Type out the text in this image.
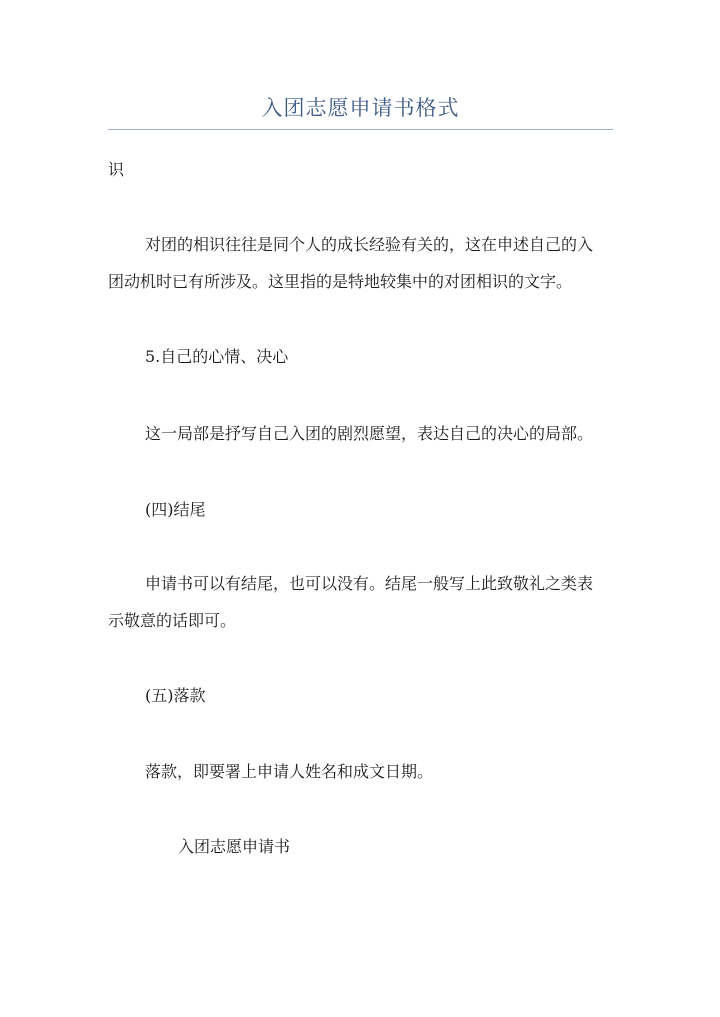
入团志愿申请书格式
识
对团的相识往往是同个人的成长经验有关的，这在申述自己的入
团动机时已有所涉及。这里指的是特地较集中的对团相识的文字。
5.自己的心情、决心
这一局部是抒写自己入团的剧烈愿望，表达自己的决心的局部。
(四)结尾
申请书可以有结尾，也可以没有。结尾一般写上此致敬礼之类表
示敬意的话即可。
(五)落款
落款，即要署上申请人姓名和成文日期。
入团志愿申请书
